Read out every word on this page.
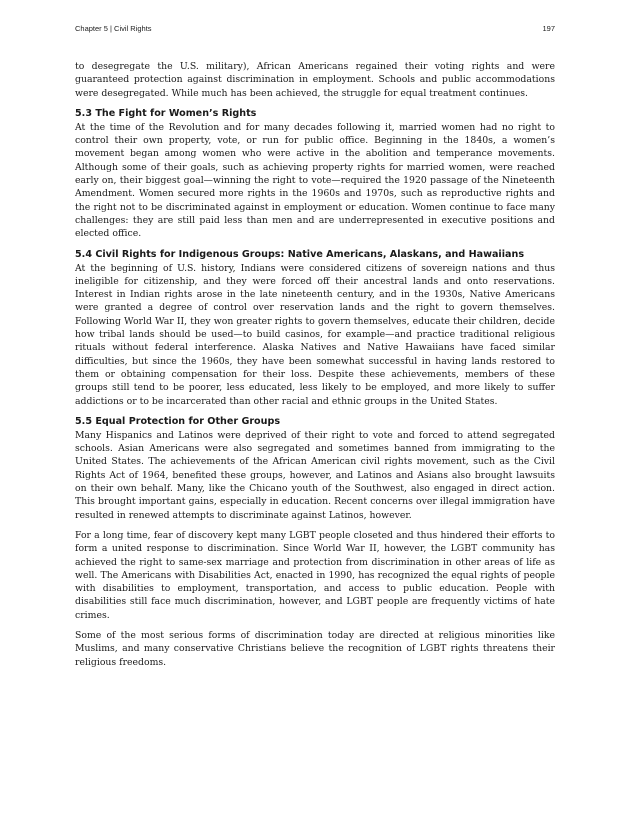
Chapter 5 | Civil Rights	197

to desegregate the U.S. military), African Americans regained their voting rights and were guaranteed protection against discrimination in employment. Schools and public accommodations were desegregated. While much has been achieved, the struggle for equal treatment continues.

5.3 The Fight for Women’s Rights

At the time of the Revolution and for many decades following it, married women had no right to control their own property, vote, or run for public office. Beginning in the 1840s, a women’s movement began among women who were active in the abolition and temperance movements. Although some of their goals, such as achieving property rights for married women, were reached early on, their biggest goal—winning the right to vote—required the 1920 passage of the Nineteenth Amendment. Women secured more rights in the 1960s and 1970s, such as reproductive rights and the right not to be discriminated against in employment or education. Women continue to face many challenges: they are still paid less than men and are underrepresented in executive positions and elected office.

5.4 Civil Rights for Indigenous Groups: Native Americans, Alaskans, and Hawaiians

At the beginning of U.S. history, Indians were considered citizens of sovereign nations and thus ineligible for citizenship, and they were forced off their ancestral lands and onto reservations. Interest in Indian rights arose in the late nineteenth century, and in the 1930s, Native Americans were granted a degree of control over reservation lands and the right to govern themselves. Following World War II, they won greater rights to govern themselves, educate their children, decide how tribal lands should be used—to build casinos, for example—and practice traditional religious rituals without federal interference. Alaska Natives and Native Hawaiians have faced similar difficulties, but since the 1960s, they have been somewhat successful in having lands restored to them or obtaining compensation for their loss. Despite these achievements, members of these groups still tend to be poorer, less educated, less likely to be employed, and more likely to suffer addictions or to be incarcerated than other racial and ethnic groups in the United States.

5.5 Equal Protection for Other Groups

Many Hispanics and Latinos were deprived of their right to vote and forced to attend segregated schools. Asian Americans were also segregated and sometimes banned from immigrating to the United States. The achievements of the African American civil rights movement, such as the Civil Rights Act of 1964, benefited these groups, however, and Latinos and Asians also brought lawsuits on their own behalf. Many, like the Chicano youth of the Southwest, also engaged in direct action. This brought important gains, especially in education. Recent concerns over illegal immigration have resulted in renewed attempts to discriminate against Latinos, however.

For a long time, fear of discovery kept many LGBT people closeted and thus hindered their efforts to form a united response to discrimination. Since World War II, however, the LGBT community has achieved the right to same-sex marriage and protection from discrimination in other areas of life as well. The Americans with Disabilities Act, enacted in 1990, has recognized the equal rights of people with disabilities to employment, transportation, and access to public education. People with disabilities still face much discrimination, however, and LGBT people are frequently victims of hate crimes.

Some of the most serious forms of discrimination today are directed at religious minorities like Muslims, and many conservative Christians believe the recognition of LGBT rights threatens their religious freedoms.
